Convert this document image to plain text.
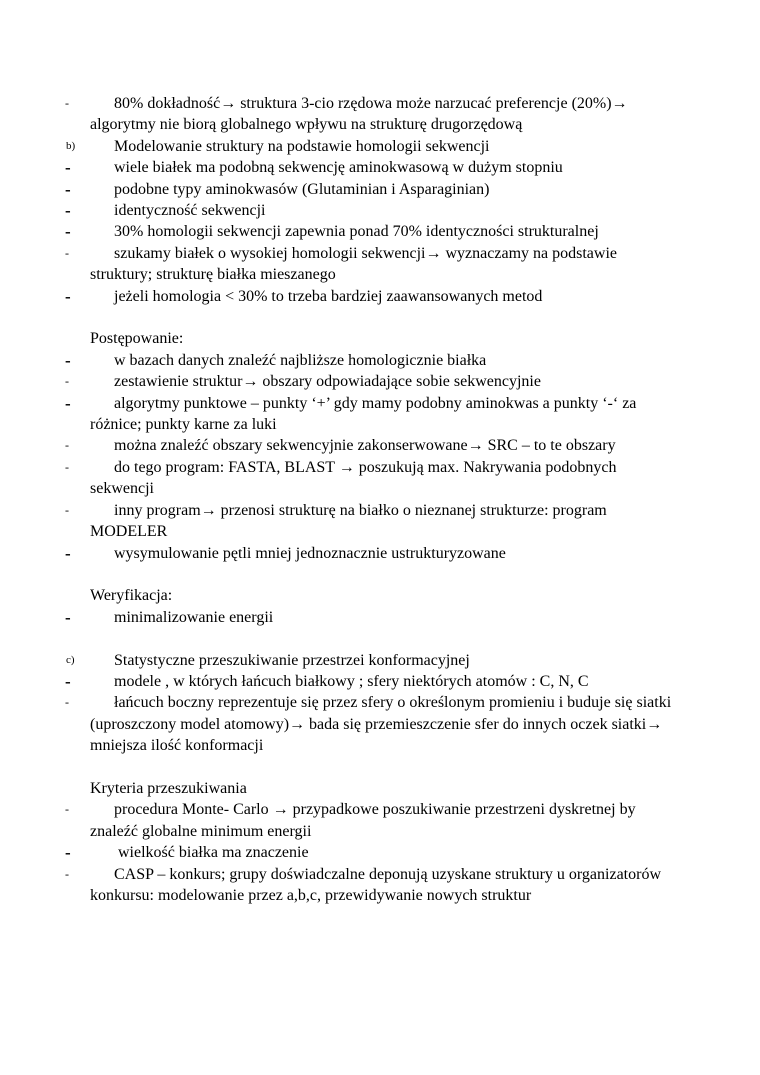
-	80% dokładność→ struktura 3-cio rzędowa może narzucać preferencje (20%)→ algorytmy nie biorą globalnego wpływu na strukturę drugorzędową
b)	Modelowanie struktury na podstawie homologii sekwencji
-	wiele białek ma podobną sekwencję aminokwasową w dużym stopniu
-	podobne typy aminokwasów (Glutaminian i Asparaginian)
-	identyczność sekwencji
-	30% homologii sekwencji zapewnia ponad 70% identyczności strukturalnej
-	szukamy białek o wysokiej homologii sekwencji→ wyznaczamy na podstawie struktury; strukturę białka mieszanego
-	jeżeli homologia < 30% to trzeba bardziej zaawansowanych metod
Postępowanie:
-	w bazach danych znaleźć najbliższe homologicznie białka
-	zestawienie struktur→ obszary odpowiadające sobie sekwencyjnie
-	algorytmy punktowe – punkty ‘+’ gdy mamy podobny aminokwas a punkty ‘-‘ za różnice; punkty karne za luki
-	można znaleźć obszary sekwencyjnie zakonserwowane→ SRC – to te obszary
-	do tego program: FASTA, BLAST → poszukują max. Nakrywania podobnych sekwencji
-	inny program→ przenosi strukturę na białko o nieznanej strukturze: program MODELER
-	wysymulowanie pętli mniej jednoznacznie ustrukturyzowane
Weryfikacja:
-	minimalizowanie energii
c)	Statystyczne przeszukiwanie przestrzei konformacyjnej
-	modele , w których łańcuch białkowy ; sfery niektórych atomów : C, N, C
-	łańcuch boczny reprezentuje się przez sfery o określonym promieniu i buduje się siatki (uproszczony model atomowy)→ bada się przemieszczenie sfer do innych oczek siatki→ mniejsza ilość konformacji
Kryteria przeszukiwania
-	procedura Monte- Carlo → przypadkowe poszukiwanie przestrzeni dyskretnej by znaleźć globalne minimum energii
-	wielkość białka ma znaczenie
-	CASP – konkurs; grupy doświadczalne deponują uzyskane struktury u organizatorów konkursu: modelowanie przez a,b,c, przewidywanie nowych struktur
